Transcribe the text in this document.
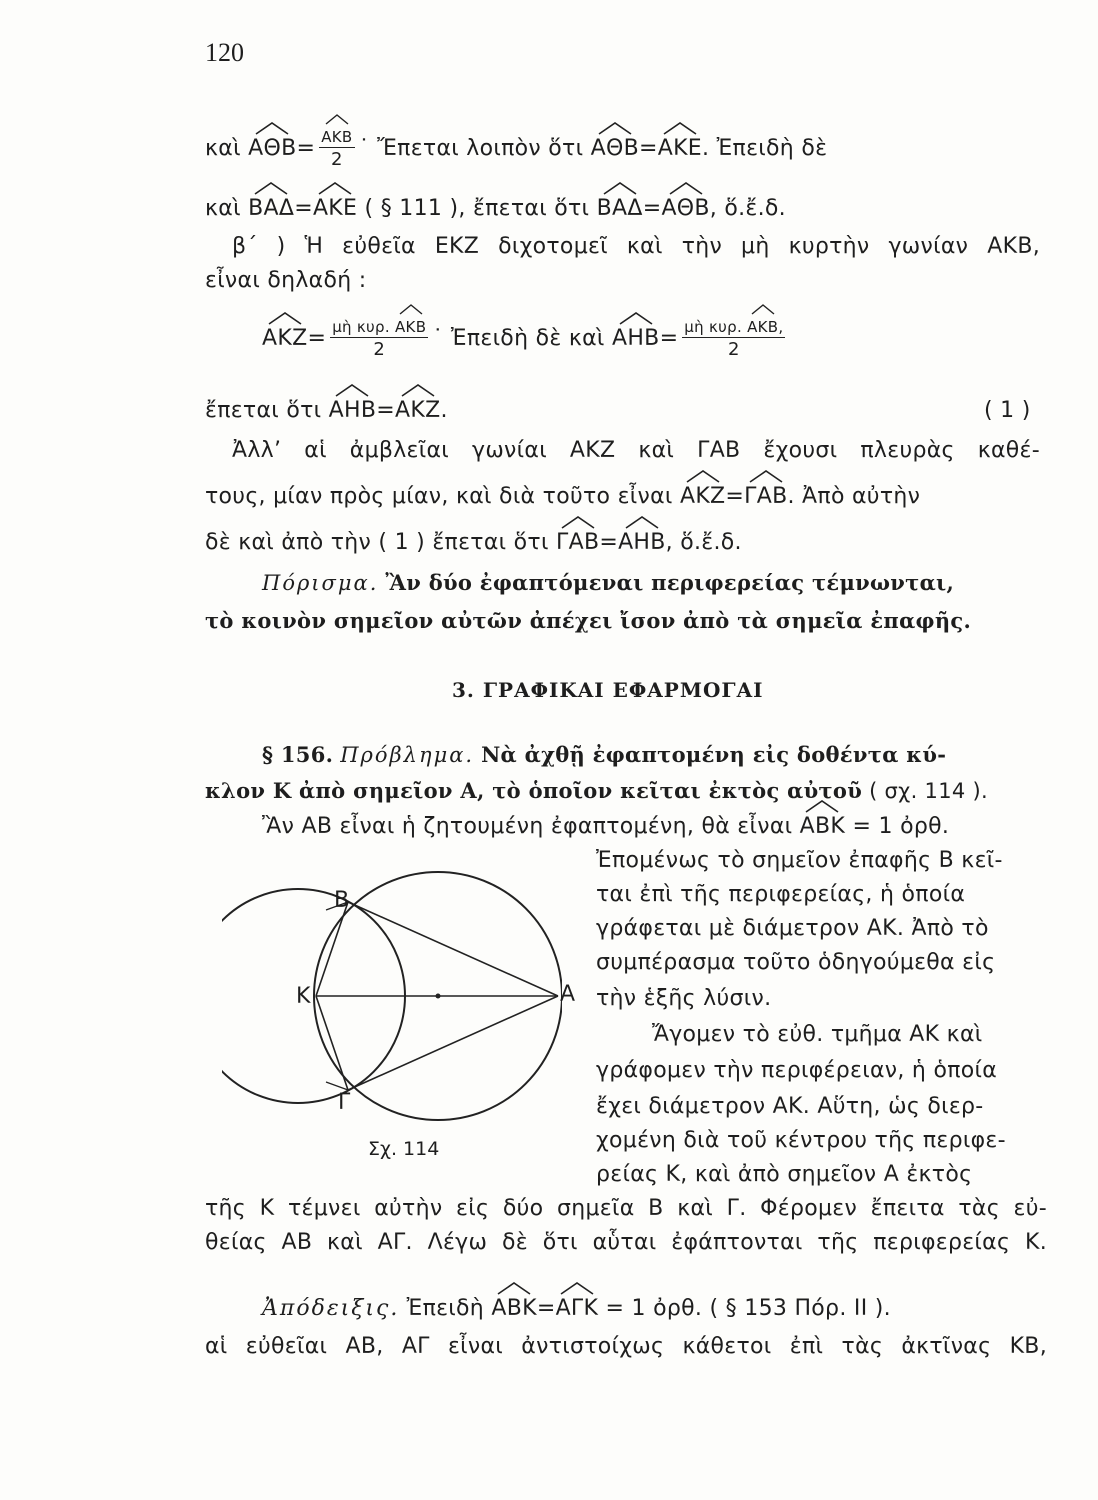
120
καὶ $A\Theta B= \frac{\text{ΑΚΒ}}{2}$ ˙ Ἔπεται λοιπὸν ὅτι ΑΘΒ=
ΑΚΕ. Ἐπειδὴ δὲ
καὶ ΒΑΔ=
ΑΚΕ ( § 111 ), ἔπεται ὅτι ΒΑΔ=
ΑΘΒ, ὅ.ἔ.δ.
β΄ ) Ἡ εὐθεῖα ΕΚΖ διχοτομεῖ καὶ τὴν μὴ κυρτὴν γωνίαν ΑΚΒ,
εἶναι δηλαδή :
$AKZ= \frac{\text{μὴ κυρ. ΑΚΒ}}{2}$ ˙ Ἐπειδὴ δὲ καὶ $AHB= \frac{\text{μὴ κυρ. ΑΚΒ,}}{2}$
ἔπεται ὅτι ΑΗΒ=
ΑΚΖ.	( 1 )
Ἀλλ’ αἱ ἀμβλεῖαι γωνίαι ΑΚΖ καὶ ΓΑΒ ἔχουσι πλευρὰς καθέ-
τους, μίαν πρὸς μίαν, καὶ διὰ τοῦτο εἶναι ΑΚΖ=
ΓΑΒ. Ἀπὸ αὐτὴν
δὲ καὶ ἀπὸ τὴν ( 1 ) ἔπεται ὅτι ΓΑΒ=
ΑΗΒ, ὅ.ἔ.δ.
Πόρισμα. Ἂν δύο ἐφαπτόμεναι περιφερείας τέμνωνται,
τὸ κοινὸν σημεῖον αὐτῶν ἀπέχει ἴσον ἀπὸ τὰ σημεῖα ἐπαφῆς.
3. ΓΡΑΦΙΚΑΙ ΕΦΑΡΜΟΓΑΙ
§ 156. Πρόβλημα. Νὰ ἀχθῇ ἐφαπτομένη εἰς δοθέντα κύ-
κλον Κ ἀπὸ σημεῖον Α, τὸ ὁποῖον κεῖται ἐκτὸς αὐτοῦ ( σχ. 114 ).
Ἂν ΑΒ εἶναι ἡ ζητουμένη ἐφαπτομένη, θὰ εἶναι ΑΒΚ = 1 ὀρθ.
Ἐπομένως τὸ σημεῖον ἐπαφῆς Β κεῖ-
ται ἐπὶ τῆς περιφερείας, ἡ ὁποία
γράφεται μὲ διάμετρον ΑΚ. Ἀπὸ τὸ
συμπέρασμα τοῦτο ὁδηγούμεθα εἰς
τὴν ἑξῆς λύσιν.
Ἄγομεν τὸ εὐθ. τμῆμα ΑΚ καὶ
γράφομεν τὴν περιφέρειαν, ἡ ὁποία
ἔχει διάμετρον ΑΚ. Αὕτη, ὡς διερ-
χομένη διὰ τοῦ κέντρου τῆς περιφε-
ρείας Κ, καὶ ἀπὸ σημεῖον Α ἐκτὸς
Β
Κ	Α
Γ
Σχ. 114
τῆς Κ τέμνει αὐτὴν εἰς δύο σημεῖα Β καὶ Γ. Φέρομεν ἔπειτα τὰς εὐ-
θείας ΑΒ καὶ ΑΓ. Λέγω δὲ ὅτι αὗται ἐφάπτονται τῆς περιφερείας Κ.
Ἀπόδειξις. Ἐπειδὴ ΑΒΚ=
ΑΓΚ = 1 ὀρθ. ( § 153 Πόρ. ΙΙ ).
αἱ εὐθεῖαι ΑΒ, ΑΓ εἶναι ἀντιστοίχως κάθετοι ἐπὶ τὰς ἀκτῖνας ΚΒ,
